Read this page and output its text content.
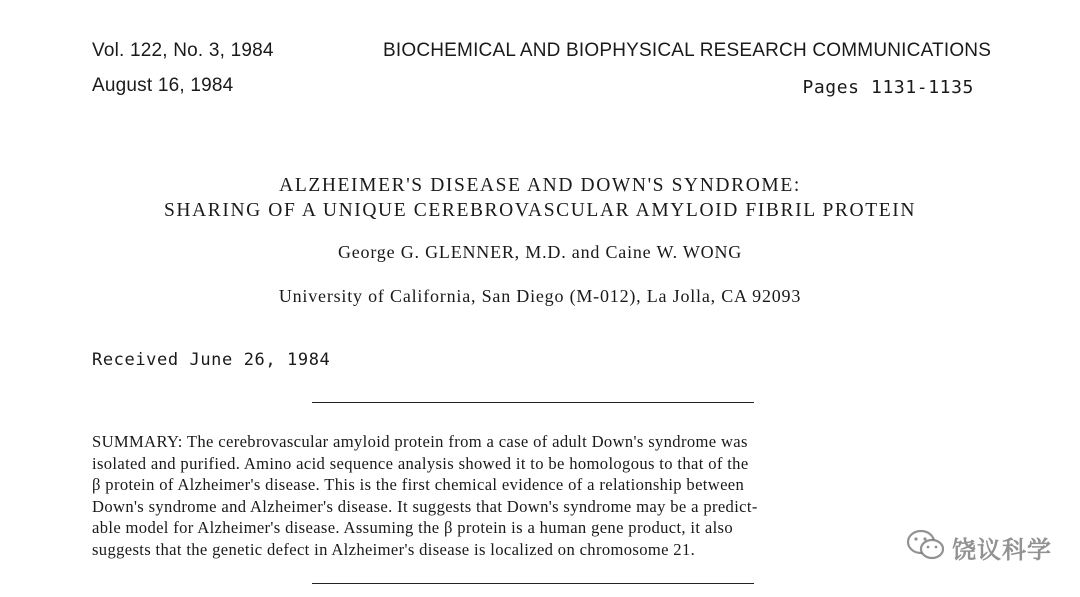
Vol. 122, No. 3, 1984	BIOCHEMICAL AND BIOPHYSICAL RESEARCH COMMUNICATIONS
August 16, 1984	Pages 1131-1135
ALZHEIMER'S DISEASE AND DOWN'S SYNDROME:
SHARING OF A UNIQUE CEREBROVASCULAR AMYLOID FIBRIL PROTEIN
George G. GLENNER, M.D. and Caine W. WONG
University of California, San Diego (M-012), La Jolla, CA 92093
Received June 26, 1984
SUMMARY: The cerebrovascular amyloid protein from a case of adult Down's syndrome was
isolated and purified. Amino acid sequence analysis showed it to be homologous to that of the
β protein of Alzheimer's disease. This is the first chemical evidence of a relationship between
Down's syndrome and Alzheimer's disease. It suggests that Down's syndrome may be a predict-
able model for Alzheimer's disease. Assuming the β protein is a human gene product, it also
suggests that the genetic defect in Alzheimer's disease is localized on chromosome 21.	饶议科学
